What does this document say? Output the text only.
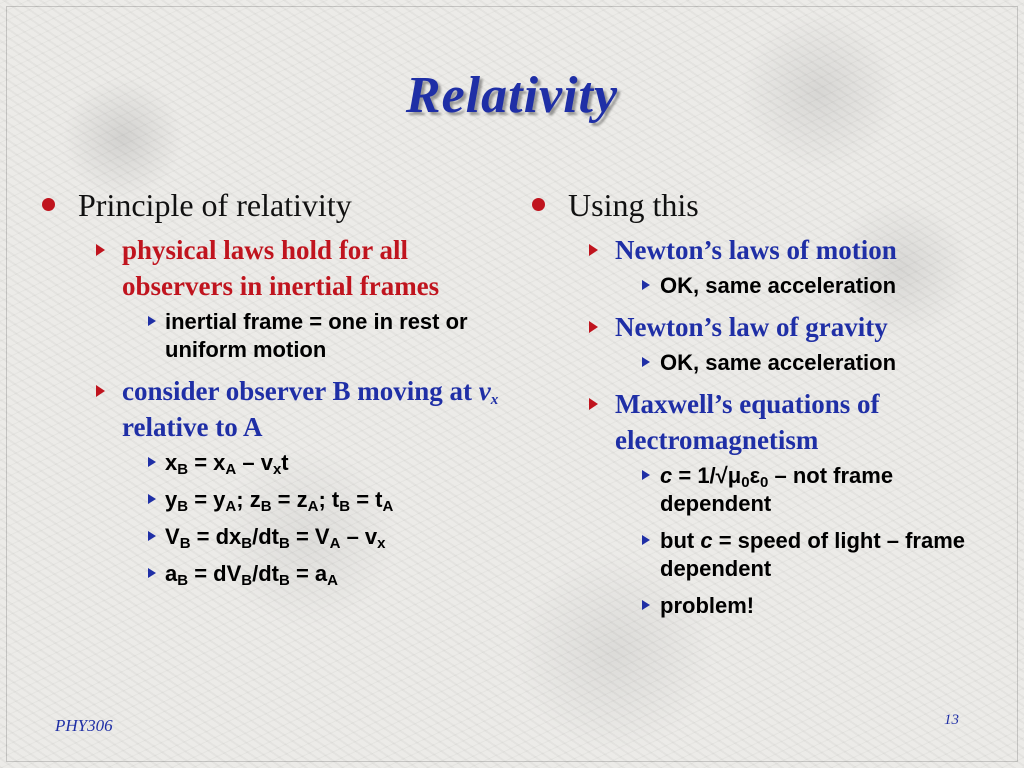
Relativity
Principle of relativity
physical laws hold for all observers in inertial frames
inertial frame = one in rest or uniform motion
consider observer B moving at $v_x$ relative to A
$x_B = x_A - v_xt$
$y_B = y_A$; $z_B = z_A$; $t_B = t_A$
$V_B = dx_B/dt_B = V_A - v_x$
$a_B = dV_B/dt_B = a_A$
Using this
Newton’s laws of motion
OK, same acceleration
Newton’s law of gravity
OK, same acceleration
Maxwell’s equations of electromagnetism
$c = 1/√\mu_0\varepsilon_0$ – not frame dependent
but c = speed of light – frame dependent
problem!
PHY306	13
